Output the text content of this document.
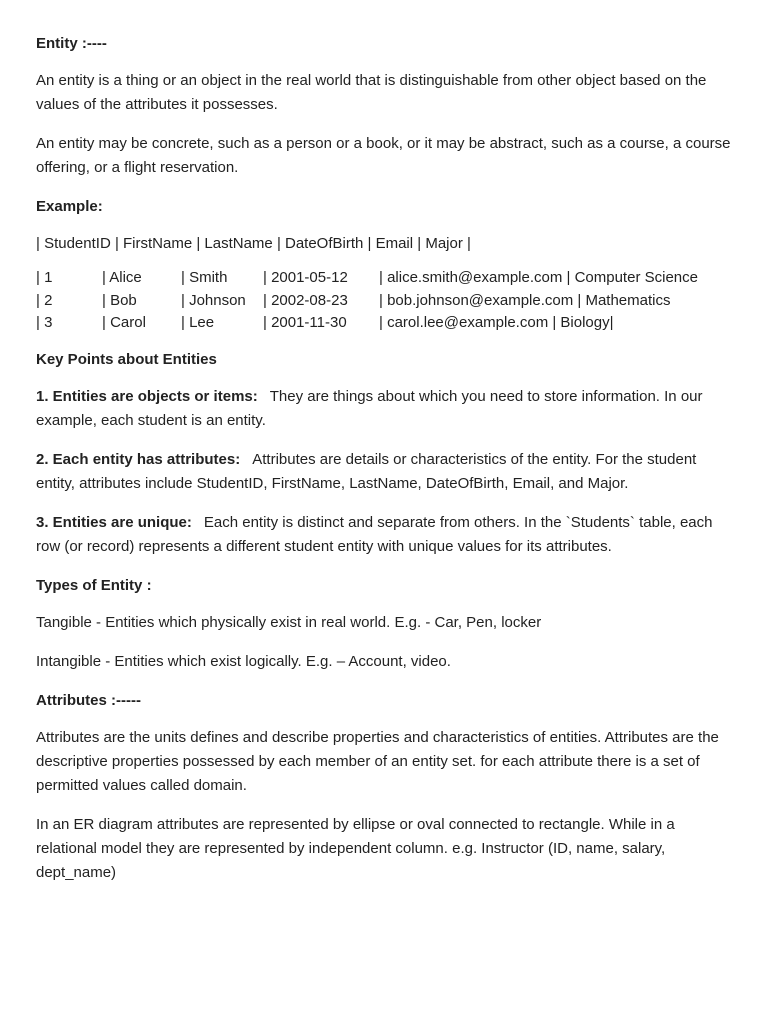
Entity :----

An entity is a thing or an object in the real world that is distinguishable from other object based on the values of the attributes it possesses.

An entity may be concrete, such as a person or a book, or it may be abstract, such as a course, a course offering, or a flight reservation.

Example:

| StudentID | FirstName | LastName | DateOfBirth | Email | Major |

| 1	| Alice	| Smith	| 2001-05-12	| alice.smith@example.com | Computer Science
| 2	| Bob	| Johnson	| 2002-08-23	| bob.johnson@example.com | Mathematics
| 3	| Carol	| Lee	| 2001-11-30	| carol.lee@example.com | Biology|

Key Points about Entities

1. Entities are objects or items: They are things about which you need to store information. In our example, each student is an entity.

2. Each entity has attributes: Attributes are details or characteristics of the entity. For the student entity, attributes include StudentID, FirstName, LastName, DateOfBirth, Email, and Major.

3. Entities are unique: Each entity is distinct and separate from others. In the `Students` table, each row (or record) represents a different student entity with unique values for its attributes.

Types of Entity :

Tangible - Entities which physically exist in real world. E.g. - Car, Pen, locker

Intangible - Entities which exist logically. E.g. – Account, video.

Attributes :-----

Attributes are the units defines and describe properties and characteristics of entities. Attributes are the descriptive properties possessed by each member of an entity set. for each attribute there is a set of permitted values called domain.

In an ER diagram attributes are represented by ellipse or oval connected to rectangle. While in a relational model they are represented by independent column. e.g. Instructor (ID, name, salary, dept_name)
